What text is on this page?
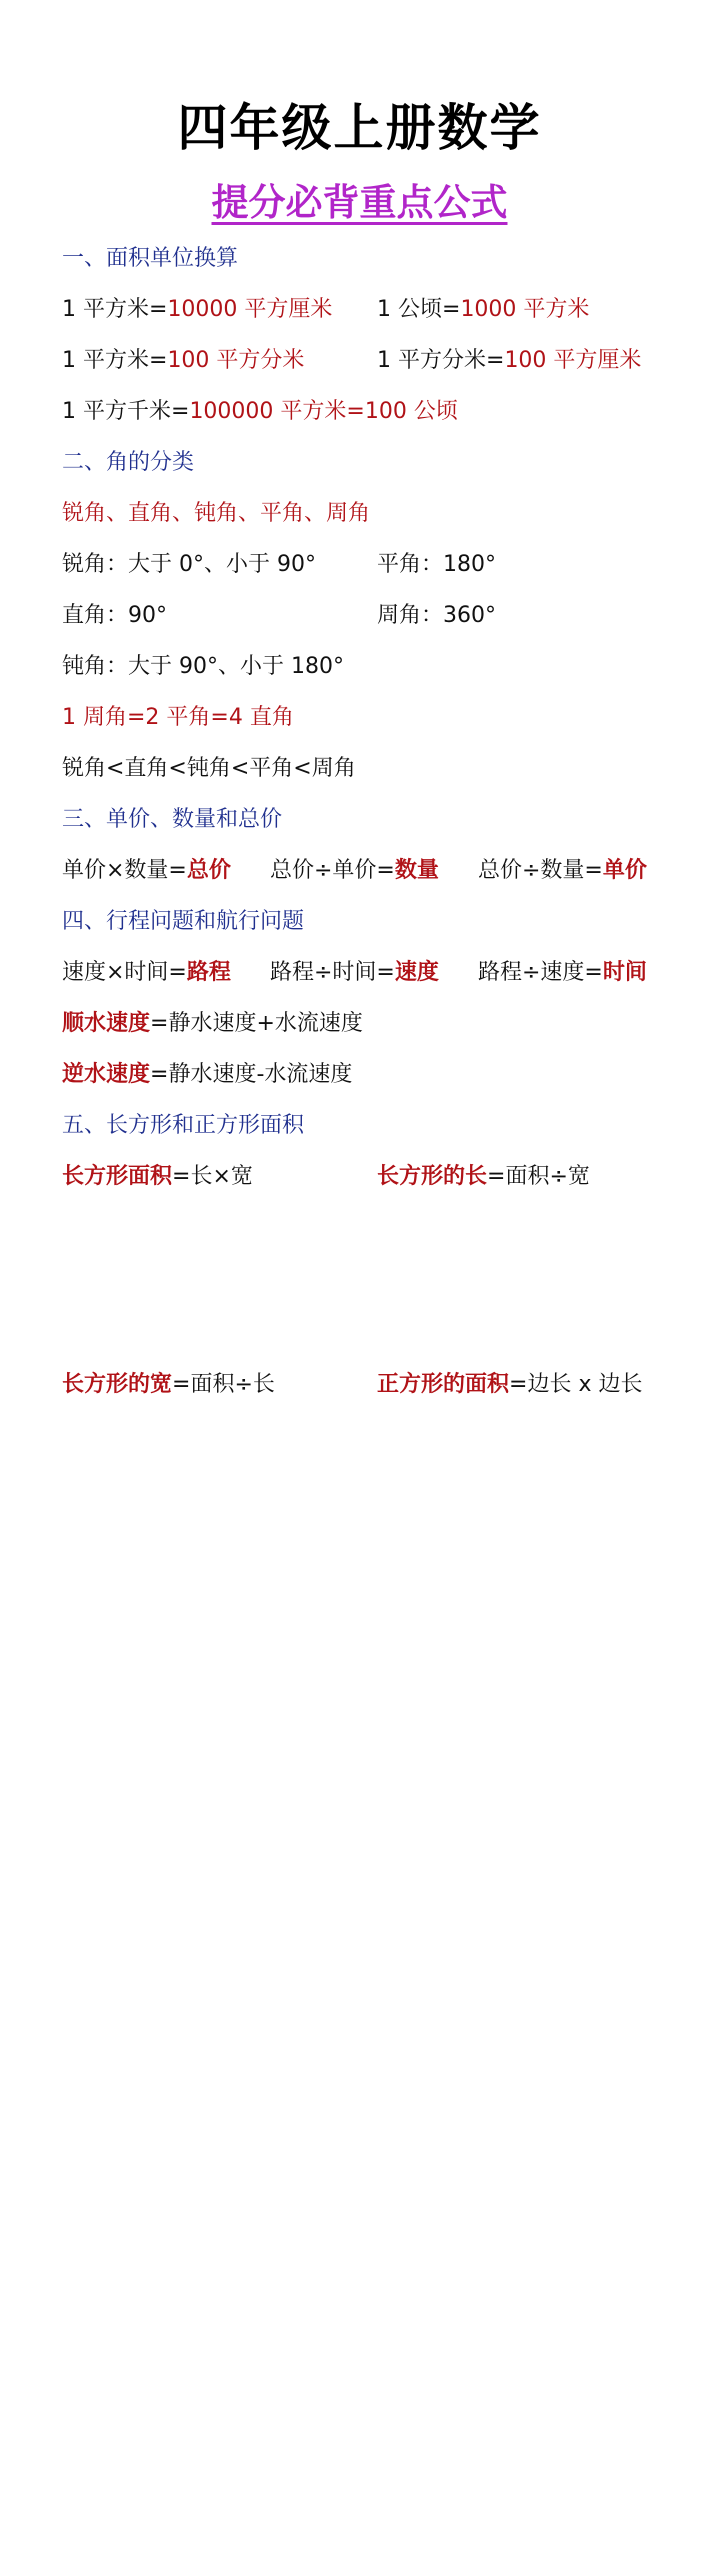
四年级上册数学
提分必背重点公式
一、面积单位换算
1 平方米=10000 平方厘米 1 公顷=1000 平方米
1 平方米=100 平方分米	1 平方分米=100 平方厘米
1 平方千米=100000 平方米=100 公顷
二、角的分类
锐角、直角、钝角、平角、周角
锐角：大于 0°、小于 90°	平角：180°
直角：90°	周角：360°
钝角：大于 90°、小于 180°
1 周角=2 平角=4 直角
锐角<直角<钝角<平角<周角
三、单价、数量和总价
单价×数量=总价 总价÷单价=数量 总价÷数量=单价
四、行程问题和航行问题
速度×时间=路程 路程÷时间=速度 路程÷速度=时间
顺水速度=静水速度+水流速度
逆水速度=静水速度-水流速度
五、长方形和正方形面积
长方形面积=长×宽	长方形的长=面积÷宽
长方形的宽=面积÷长	正方形的面积=边长 x 边长
